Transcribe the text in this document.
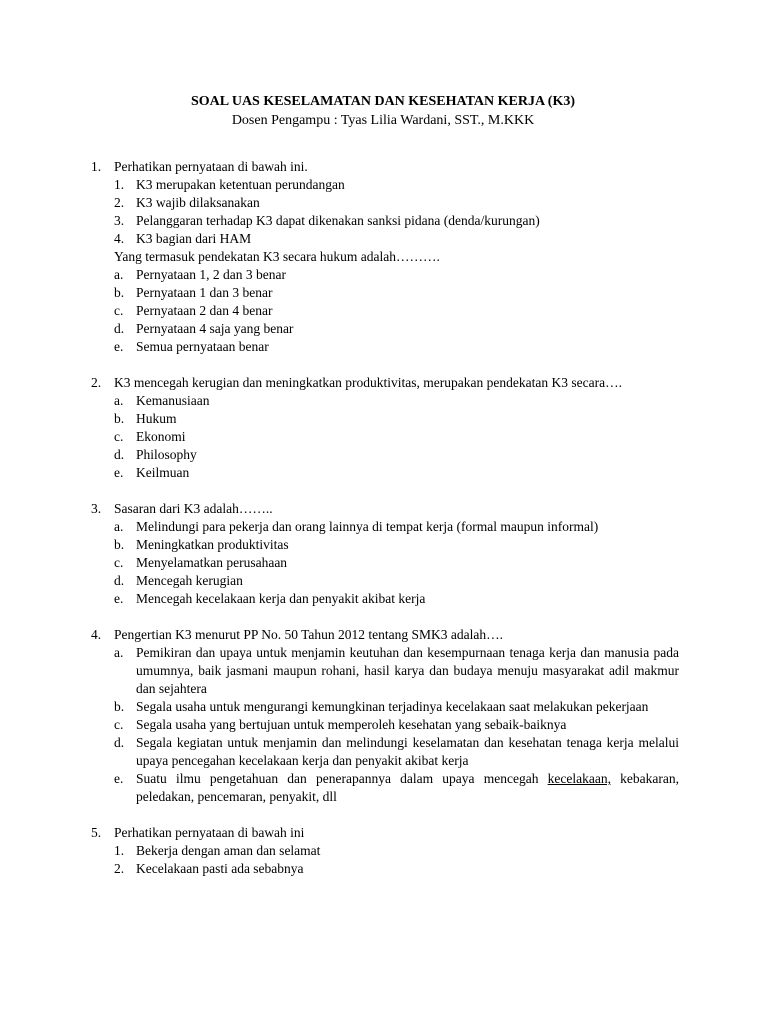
SOAL UAS KESELAMATAN DAN KESEHATAN KERJA (K3)
Dosen Pengampu : Tyas Lilia Wardani, SST., M.KKK
1. Perhatikan pernyataan di bawah ini.
1. K3 merupakan ketentuan perundangan
2. K3 wajib dilaksanakan
3. Pelanggaran terhadap K3 dapat dikenakan sanksi pidana (denda/kurungan)
4. K3 bagian dari HAM
Yang termasuk pendekatan K3 secara hukum adalah……….
a. Pernyataan 1, 2 dan 3 benar
b. Pernyataan 1 dan 3 benar
c. Pernyataan 2 dan 4 benar
d. Pernyataan 4 saja yang benar
e. Semua pernyataan benar
2. K3 mencegah kerugian dan meningkatkan produktivitas, merupakan pendekatan K3 secara….
a. Kemanusiaan
b. Hukum
c. Ekonomi
d. Philosophy
e. Keilmuan
3. Sasaran dari K3 adalah……..
a. Melindungi para pekerja dan orang lainnya di tempat kerja (formal maupun informal)
b. Meningkatkan produktivitas
c. Menyelamatkan perusahaan
d. Mencegah kerugian
e. Mencegah kecelakaan kerja dan penyakit akibat kerja
4. Pengertian K3 menurut PP No. 50 Tahun 2012 tentang SMK3 adalah….
a. Pemikiran dan upaya untuk menjamin keutuhan dan kesempurnaan tenaga kerja dan manusia pada umumnya, baik jasmani maupun rohani, hasil karya dan budaya menuju masyarakat adil makmur dan sejahtera
b. Segala usaha untuk mengurangi kemungkinan terjadinya kecelakaan saat melakukan pekerjaan
c. Segala usaha yang bertujuan untuk memperoleh kesehatan yang sebaik-baiknya
d. Segala kegiatan untuk menjamin dan melindungi keselamatan dan kesehatan tenaga kerja melalui upaya pencegahan kecelakaan kerja dan penyakit akibat kerja
e. Suatu ilmu pengetahuan dan penerapannya dalam upaya mencegah kecelakaan, kebakaran, peledakan, pencemaran, penyakit, dll
5. Perhatikan pernyataan di bawah ini
1. Bekerja dengan aman dan selamat
2. Kecelakaan pasti ada sebabnya
